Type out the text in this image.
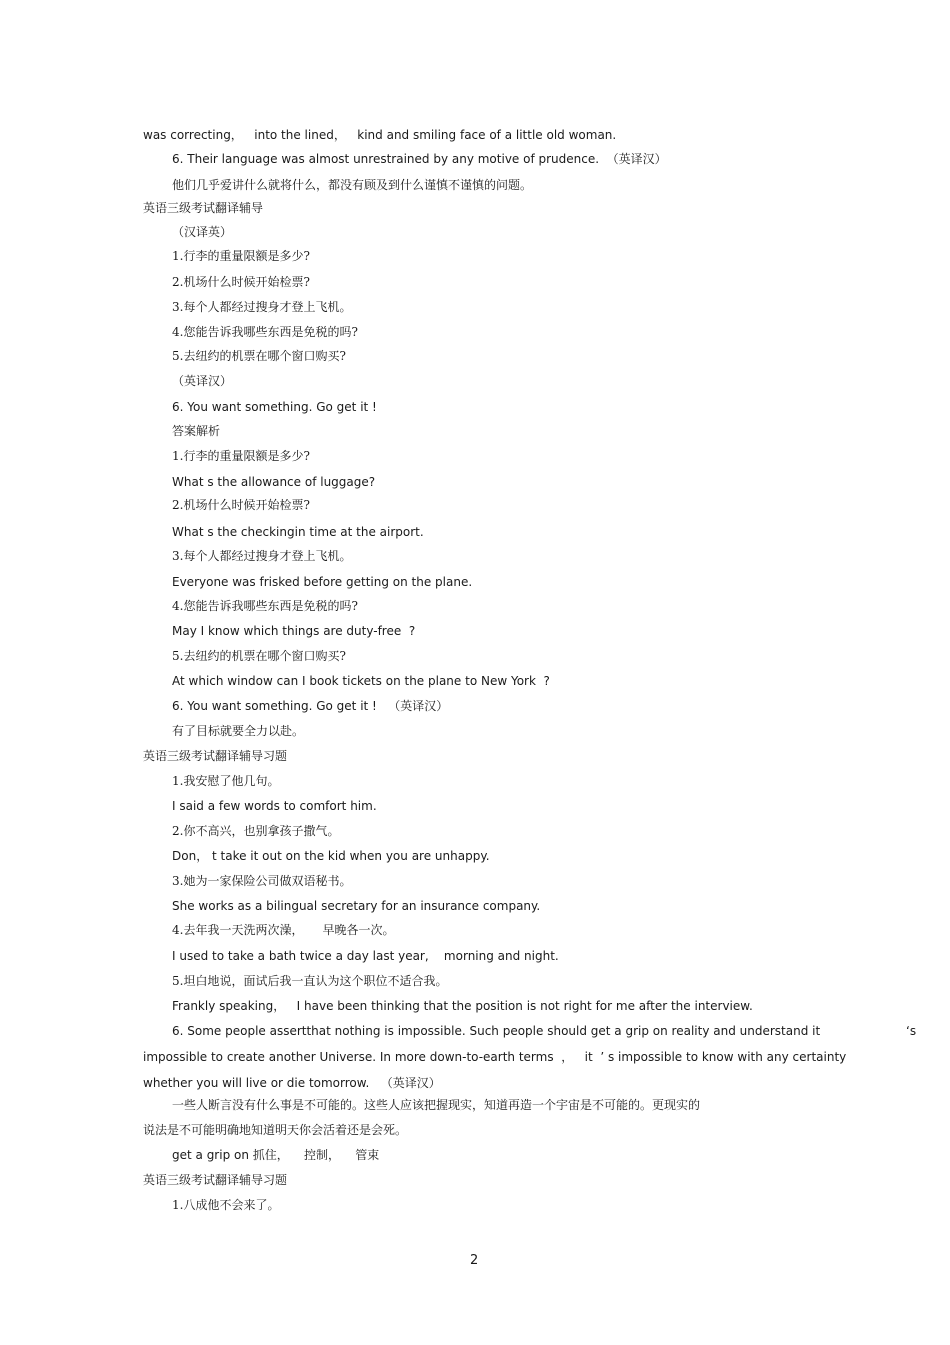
was correcting，   into the lined，   kind and smiling face of a little old woman.
6. Their language was almost unrestrained by any motive of prudence.  （英译汉）
他们几乎爱讲什么就将什么，都没有顾及到什么谨慎不谨慎的问题。
英语三级考试翻译辅导
（汉译英）
1.行李的重量限额是多少?
2.机场什么时候开始检票?
3.每个人都经过搜身才登上飞机。
4.您能告诉我哪些东西是免税的吗?
5.去纽约的机票在哪个窗口购买?
（英译汉）
6. You want something. Go get it !
答案解析
1.行李的重量限额是多少?
What s the allowance of luggage?
2.机场什么时候开始检票?
What s the checkingin time at the airport.
3.每个人都经过搜身才登上飞机。
Everyone was frisked before getting on the plane.
4.您能告诉我哪些东西是免税的吗?
May I know which things are duty-free  ?
5.去纽约的机票在哪个窗口购买?
At which window can I book tickets on the plane to New York  ?
6. You want something. Go get it !   （英译汉）
有了目标就要全力以赴。
英语三级考试翻译辅导习题
1.我安慰了他几句。
I said a few words to comfort him.
2.你不高兴，也别拿孩子撒气。
Don， t take it out on the kid when you are unhappy.
3.她为一家保险公司做双语秘书。
She works as a bilingual secretary for an insurance company.
4.去年我一天洗两次澡，     早晚各一次。
I used to take a bath twice a day last year,    morning and night.
5.坦白地说，面试后我一直认为这个职位不适合我。
Frankly speaking，   I have been thinking that the position is not right for me after the interview.
6. Some people assertthat nothing is impossible. Such people should get a grip on reality and understand it	‘s
impossible to create another Universe. In more down-to-earth terms  ，   it  ’ s impossible to know with any certainty
whether you will live or die tomorrow.   （英译汉）
一些人断言没有什么事是不可能的。这些人应该把握现实，知道再造一个宇宙是不可能的。更现实的
说法是不可能明确地知道明天你会活着还是会死。
get a grip on 抓住，    控制，    管束
英语三级考试翻译辅导习题
1.八成他不会来了。
2
